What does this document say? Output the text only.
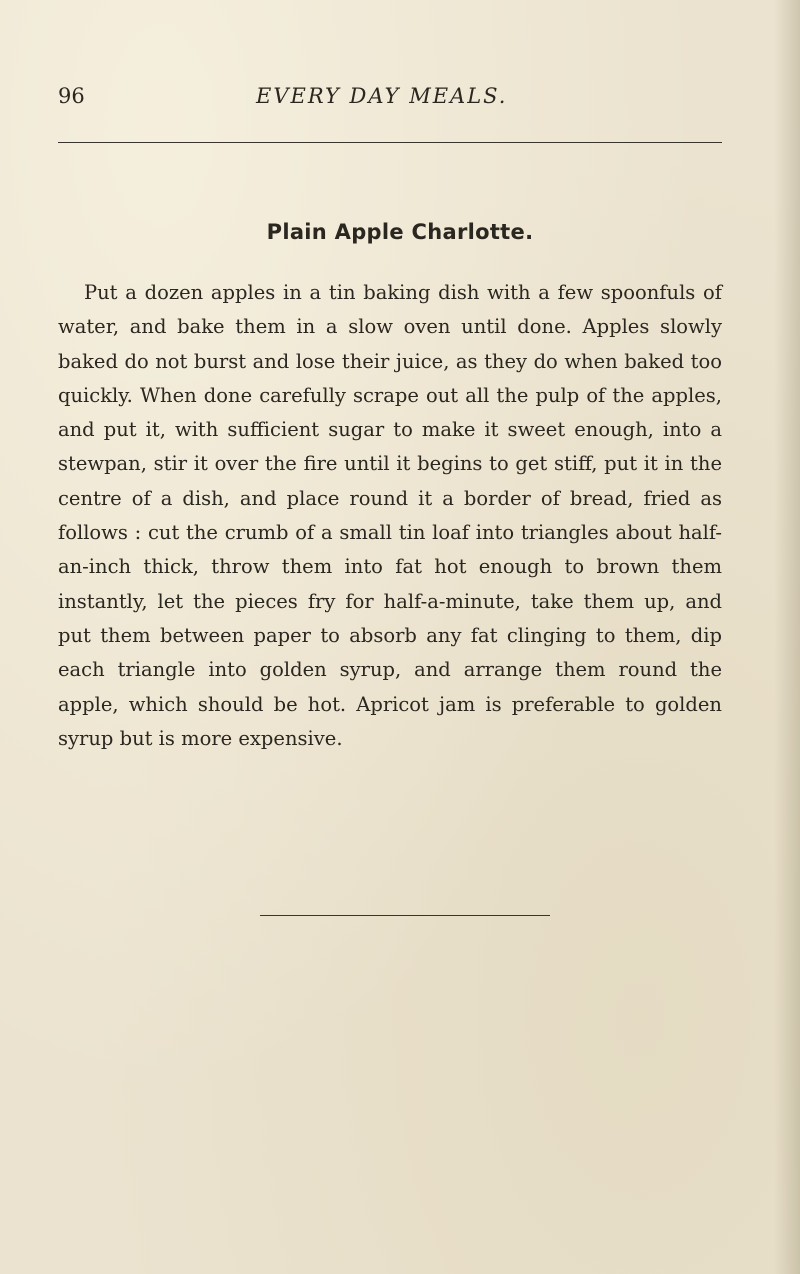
96	EVERY DAY MEALS.
Plain Apple Charlotte.

Put a dozen apples in a tin baking dish with a few spoonfuls of water, and bake them in a slow oven until done. Apples slowly baked do not burst and lose their juice, as they do when baked too quickly. When done carefully scrape out all the pulp of the apples, and put it, with sufficient sugar to make it sweet enough, into a stewpan, stir it over the fire until it begins to get stiff, put it in the centre of a dish, and place round it a border of bread, fried as follows : cut the crumb of a small tin loaf into triangles about half-an-inch thick, throw them into fat hot enough to brown them instantly, let the pieces fry for half-a-minute, take them up, and put them between paper to absorb any fat clinging to them, dip each triangle into golden syrup, and arrange them round the apple, which should be hot. Apricot jam is preferable to golden syrup but is more expensive.
